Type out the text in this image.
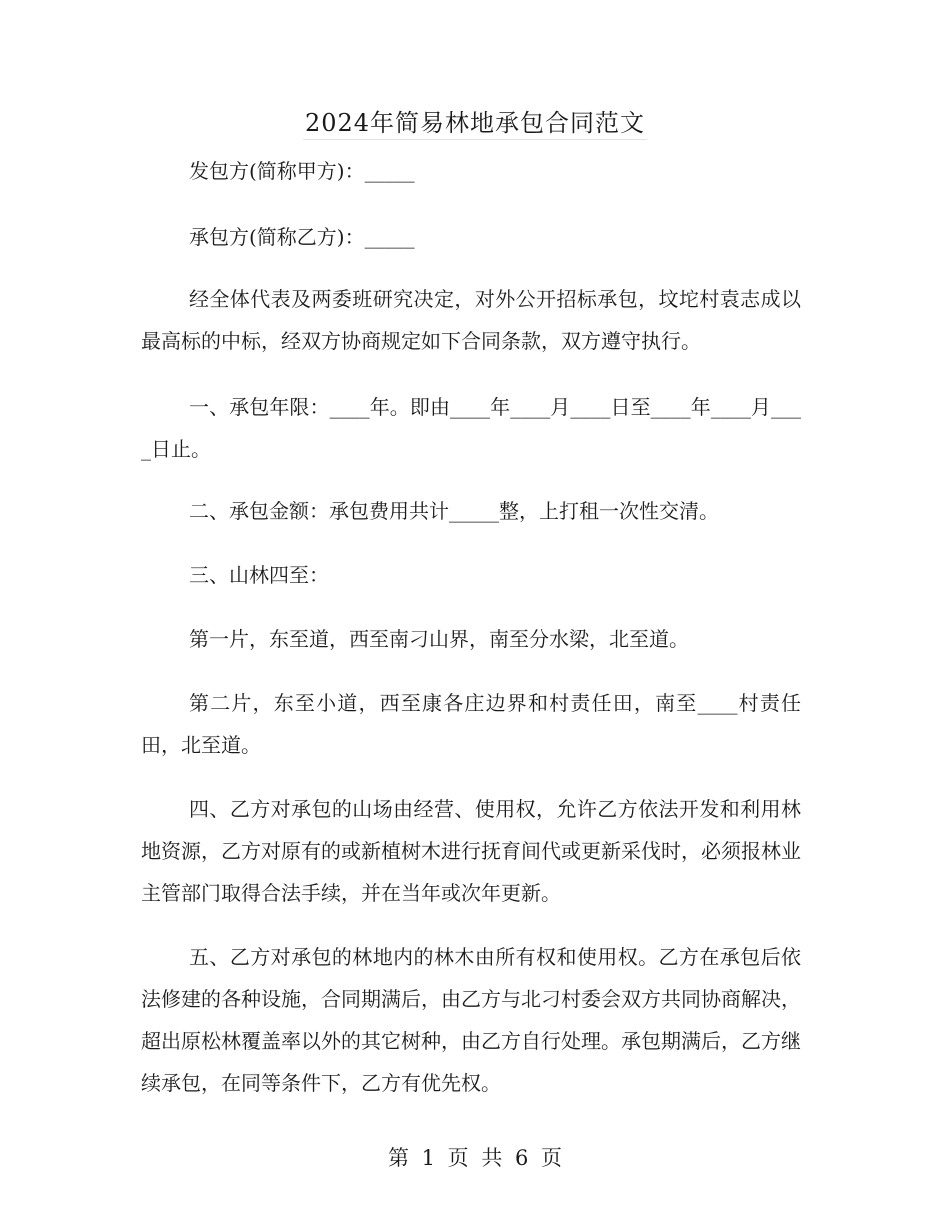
2024年简易林地承包合同范文

发包方(简称甲方)：_____

承包方(简称乙方)：_____

经全体代表及两委班研究决定，对外公开招标承包，坟坨村袁志成以最高标的中标，经双方协商规定如下合同条款，双方遵守执行。

一、承包年限：____年。即由____年____月____日至____年____月____日止。

二、承包金额：承包费用共计_____整，上打租一次性交清。

三、山林四至：

第一片，东至道，西至南刁山界，南至分水梁，北至道。

第二片，东至小道，西至康各庄边界和村责任田，南至____村责任田，北至道。

四、乙方对承包的山场由经营、使用权，允许乙方依法开发和利用林地资源，乙方对原有的或新植树木进行抚育间代或更新采伐时，必须报林业主管部门取得合法手续，并在当年或次年更新。

五、乙方对承包的林地内的林木由所有权和使用权。乙方在承包后依法修建的各种设施，合同期满后，由乙方与北刁村委会双方共同协商解决，超出原松林覆盖率以外的其它树种，由乙方自行处理。承包期满后，乙方继续承包，在同等条件下，乙方有优先权。

第 1 页 共 6 页
